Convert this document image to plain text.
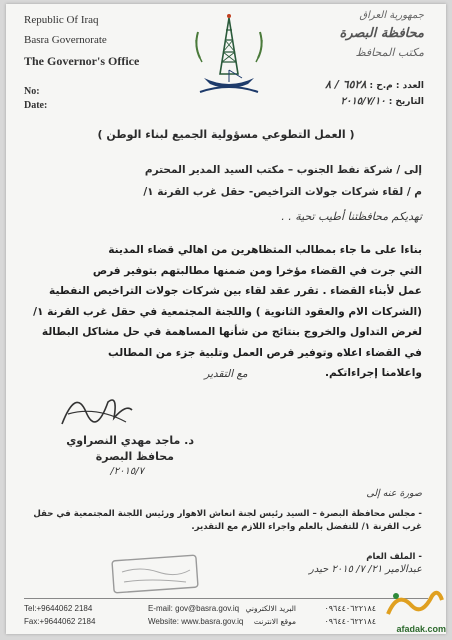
Republic Of Iraq
Basra Governorate
The Governor's Office
No:
Date:
جمهورية العراق
محافظة البصرة
مكتب المحافظ
العدد : م.ح : ٦٥٢٨ / ٨
التاريخ : ٢٠١٥/٧/١٠
( العمل التطوعي مسؤولية الجميع لبناء الوطن )
إلى / شركة نفط الجنوب – مكتب السيد المدير المحترم
م / لقاء شركات جولات التراخيص- حقل غرب القرنة ١/
تهديكم محافظتنا أطيب تحية . .
بناءا على ما جاء بمطالب المتظاهرين من اهالي قضاء المدينة
التي جرت في القضاء مؤخرا ومن ضمنها مطالبتهم بتوفير فرص
عمل لأبناء القضاء . تقرر عقد لقاء بين شركات جولات التراخيص النفطية
(الشركات الام والعقود الثانوية ) واللجنة المجتمعية في حقل غرب القرنة ١/
لغرض التداول والخروج بنتائج من شأنها المساهمة في حل مشاكل البطالة
في القضاء اعلاه وتوفير فرص العمل وتلبية جزء من المطالب
واعلامنا إجراءاتكم.
مع التقدير
د. ماجد مهدي النصراوي
محافظ البصرة
٢٠١٥/٧/
صورة عنه إلى
- مجلس محافظة البصرة – السيد رئيس لجنة انعاش الاهوار ورئيس اللجنة المجتمعية في حقل غرب القرنة ١/ للتفضل بالعلم واجراء اللازم مع التقدير.
- الملف العام
عبدالامير ٢١/ ٧/ ٢٠١٥ حيدر
Tel:+9644062 2184
Fax:+9644062 2184
E-mail: gov@basra.gov.iq
Website: www.basra.gov.iq
البريد الالكتروني
موقع الانترنت
٠٩٦٤٤٠٦٢٢١٨٤
٠٩٦٤٤٠٦٢٢١٨٤
afadak.com
